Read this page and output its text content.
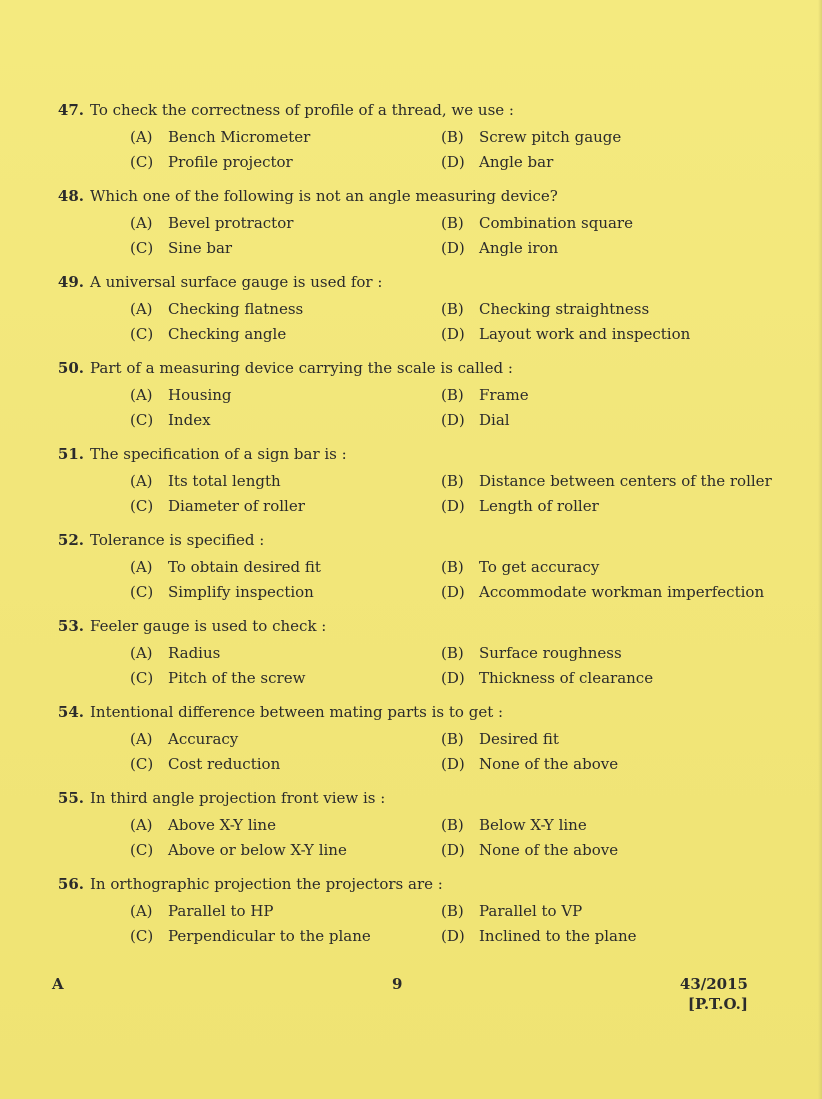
47. To check the correctness of profile of a thread, we use :
(A)	Bench Micrometer	(B)	Screw pitch gauge
(C) Profile projector	(D) Angle bar
48. Which one of the following is not an angle measuring device?
(A)	Bevel protractor	(B)	Combination square
(C) Sine bar	(D) Angle iron
49. A universal surface gauge is used for :
(A)	Checking flatness	(B)	Checking straightness
(C) Checking angle	(D) Layout work and inspection
50. Part of a measuring device carrying the scale is called :
(A)	Housing	(B)	Frame
(C) Index	(D) Dial
51. The specification of a sign bar is :
(A)	Its total length	(B)	Distance between centers of the roller
(C) Diameter of roller	(D) Length of roller
52. Tolerance is specified :
(A)	To obtain desired fit	(B)	To get accuracy
(C) Simplify inspection	(D) Accommodate workman imperfection
53. Feeler gauge is used to check :
(A)	Radius	(B)	Surface roughness
(C) Pitch of the screw	(D) Thickness of clearance
54. Intentional difference between mating parts is to get :
(A)	Accuracy	(B)	Desired fit
(C) Cost reduction	(D) None of the above
55. In third angle projection front view is :
(A)	Above X-Y line	(B)	Below X-Y line
(C) Above or below X-Y line	(D) None of the above
56. In orthographic projection the projectors are :
(A)	Parallel to HP	(B)	Parallel to VP
(C) Perpendicular to the plane	(D) Inclined to the plane
A	9	43/2015
[P.T.O.]
